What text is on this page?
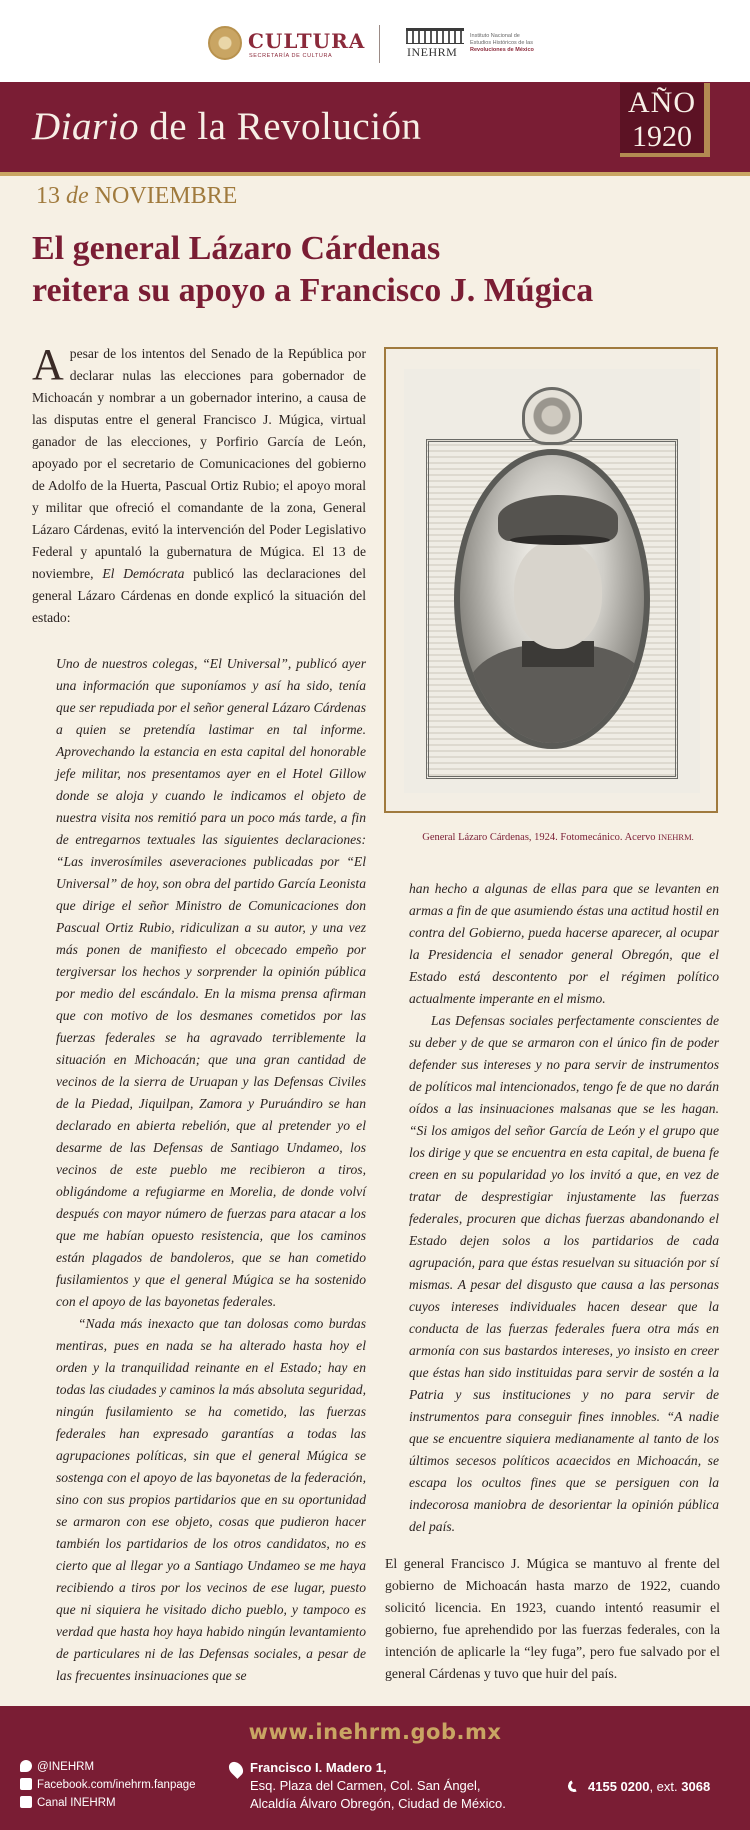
CULTURA
SECRETARÍA DE CULTURA	INEHRM
Instituto Nacional de
Estudios Históricos de las
Revoluciones de México
Diario de la Revolución
AÑO
1920
13 de NOVIEMBRE
El general Lázaro Cárdenas
reitera su apoyo a Francisco J. Múgica
Apesar de los intentos del Senado de la República por declarar nulas las elecciones para gobernador de Michoacán y nombrar a un gobernador interino, a causa de las disputas entre el general Francisco J. Múgica, virtual ganador de las elecciones, y Porfirio García de León, apoyado por el secretario de Comunicaciones del gobierno de Adolfo de la Huerta, Pascual Ortiz Rubio; el apoyo moral y militar que ofreció el comandante de la zona, General Lázaro Cárdenas, evitó la intervención del Poder Legislativo Federal y apuntaló la gubernatura de Múgica. El 13 de noviembre, El Demócrata publicó las declaraciones del general Lázaro Cárdenas en donde explicó la situación del estado:

Uno de nuestros colegas, “El Universal”, publicó ayer una información que suponíamos y así ha sido, tenía que ser repudiada por el señor general Lázaro Cárdenas a quien se pretendía lastimar en tal informe. Aprovechando la estancia en esta capital del honorable jefe militar, nos presentamos ayer en el Hotel Gillow donde se aloja y cuando le indicamos el objeto de nuestra visita nos remitió para un poco más tarde, a fin de entregarnos textuales las siguientes declaraciones: “Las inverosímiles aseveraciones publicadas por “El Universal” de hoy, son obra del partido García Leonista que dirige el señor Ministro de Comunicaciones don Pascual Ortiz Rubio, ridiculizan a su autor, y una vez más ponen de manifiesto el obcecado empeño por tergiversar los hechos y sorprender la opinión pública por medio del escándalo. En la misma prensa afirman que con motivo de los desmanes cometidos por las fuerzas federales se ha agravado terriblemente la situación en Michoacán; que una gran cantidad de vecinos de la sierra de Uruapan y las Defensas Civiles de la Piedad, Jiquilpan, Zamora y Puruándiro se han declarado en abierta rebelión, que al pretender yo el desarme de las Defensas de Santiago Undameo, los vecinos de este pueblo me recibieron a tiros, obligándome a refugiarme en Morelia, de donde volví después con mayor número de fuerzas para atacar a los que me habían opuesto resistencia, que los caminos están plagados de bandoleros, que se han cometido fusilamientos y que el general Múgica se ha sostenido con el apoyo de las bayonetas federales.

“Nada más inexacto que tan dolosas como burdas mentiras, pues en nada se ha alterado hasta hoy el orden y la tranquilidad reinante en el Estado; hay en todas las ciudades y caminos la más absoluta seguridad, ningún fusilamiento se ha cometido, las fuerzas federales han expresado garantías a todas las agrupaciones políticas, sin que el general Múgica se sostenga con el apoyo de las bayonetas de la federación, sino con sus propios partidarios que en su oportunidad se armaron con ese objeto, cosas que pudieron hacer también los partidarios de los otros candidatos, no es cierto que al llegar yo a Santiago Undameo se me haya recibiendo a tiros por los vecinos de ese lugar, puesto que ni siquiera he visitado dicho pueblo, y tampoco es verdad que hasta hoy haya habido ningún levantamiento de particulares ni de las Defensas sociales, a pesar de las frecuentes insinuaciones que se

General Lázaro Cárdenas, 1924. Fotomecánico. Acervo INEHRM.

han hecho a algunas de ellas para que se levanten en armas a fin de que asumiendo éstas una actitud hostil en contra del Gobierno, pueda hacerse aparecer, al ocupar la Presidencia el senador general Obregón, que el Estado está descontento por el régimen político actualmente imperante en el mismo.

Las Defensas sociales perfectamente conscientes de su deber y de que se armaron con el único fin de poder defender sus intereses y no para servir de instrumentos de políticos mal intencionados, tengo fe de que no darán oídos a las insinuaciones malsanas que se les hagan. “Si los amigos del señor García de León y el grupo que los dirige y que se encuentra en esta capital, de buena fe creen en su popularidad yo los invitó a que, en vez de tratar de desprestigiar injustamente las fuerzas federales, procuren que dichas fuerzas abandonando el Estado dejen solos a los partidarios de cada agrupación, para que éstas resuelvan su situación por sí mismas. A pesar del disgusto que causa a las personas cuyos intereses individuales hacen desear que la conducta de las fuerzas federales fuera otra más en armonía con sus bastardos intereses, yo insisto en creer que éstas han sido instituidas para servir de sostén a la Patria y sus instituciones y no para servir de instrumentos para conseguir fines innobles. “A nadie que se encuentre siquiera medianamente al tanto de los últimos secesos políticos acaecidos en Michoacán, se escapa los ocultos fines que se persiguen con la indecorosa maniobra de desorientar la opinión pública del país.

El general Francisco J. Múgica se mantuvo al frente del gobierno de Michoacán hasta marzo de 1922, cuando solicitó licencia. En 1923, cuando intentó reasumir el gobierno, fue aprehendido por las fuerzas federales, con la intención de aplicarle la “ley fuga”, pero fue salvado por el general Cárdenas y tuvo que huir del país.
www.inehrm.gob.mx
@INEHRM
Facebook.com/inehrm.fanpage
Canal INEHRM
Francisco I. Madero 1,
Esq. Plaza del Carmen, Col. San Ángel,
Alcaldía Álvaro Obregón, Ciudad de México.
4155 0200, ext. 3068
